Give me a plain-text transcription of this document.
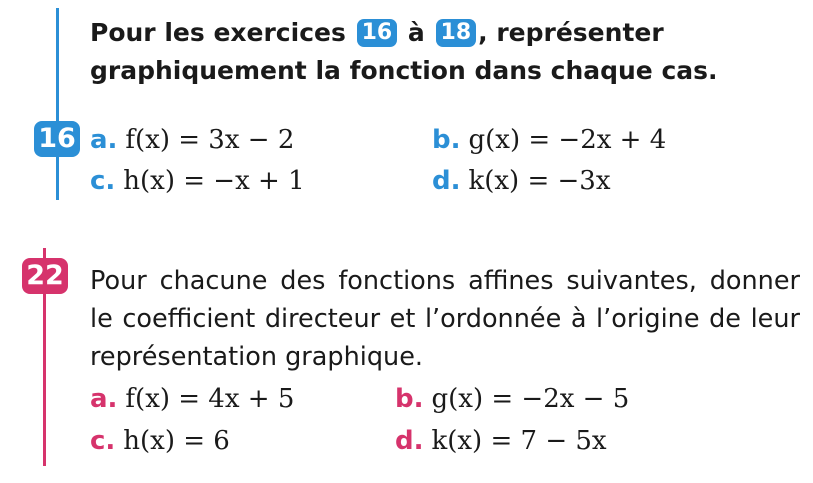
Pour les exercices 16 à 18 , représenter graphiquement la fonction dans chaque cas.
16 a. f(x) = 3x − 2	b. g(x) = −2x + 4
c. h(x) = −x + 1	d. k(x) = −3x
22 Pour chacune des fonctions affines suivantes, donner le coefficient directeur et l’ordonnée à l’origine de leur représentation graphique.
a. f(x) = 4x + 5	b. g(x) = −2x − 5
c. h(x) = 6	d. k(x) = 7 − 5x
